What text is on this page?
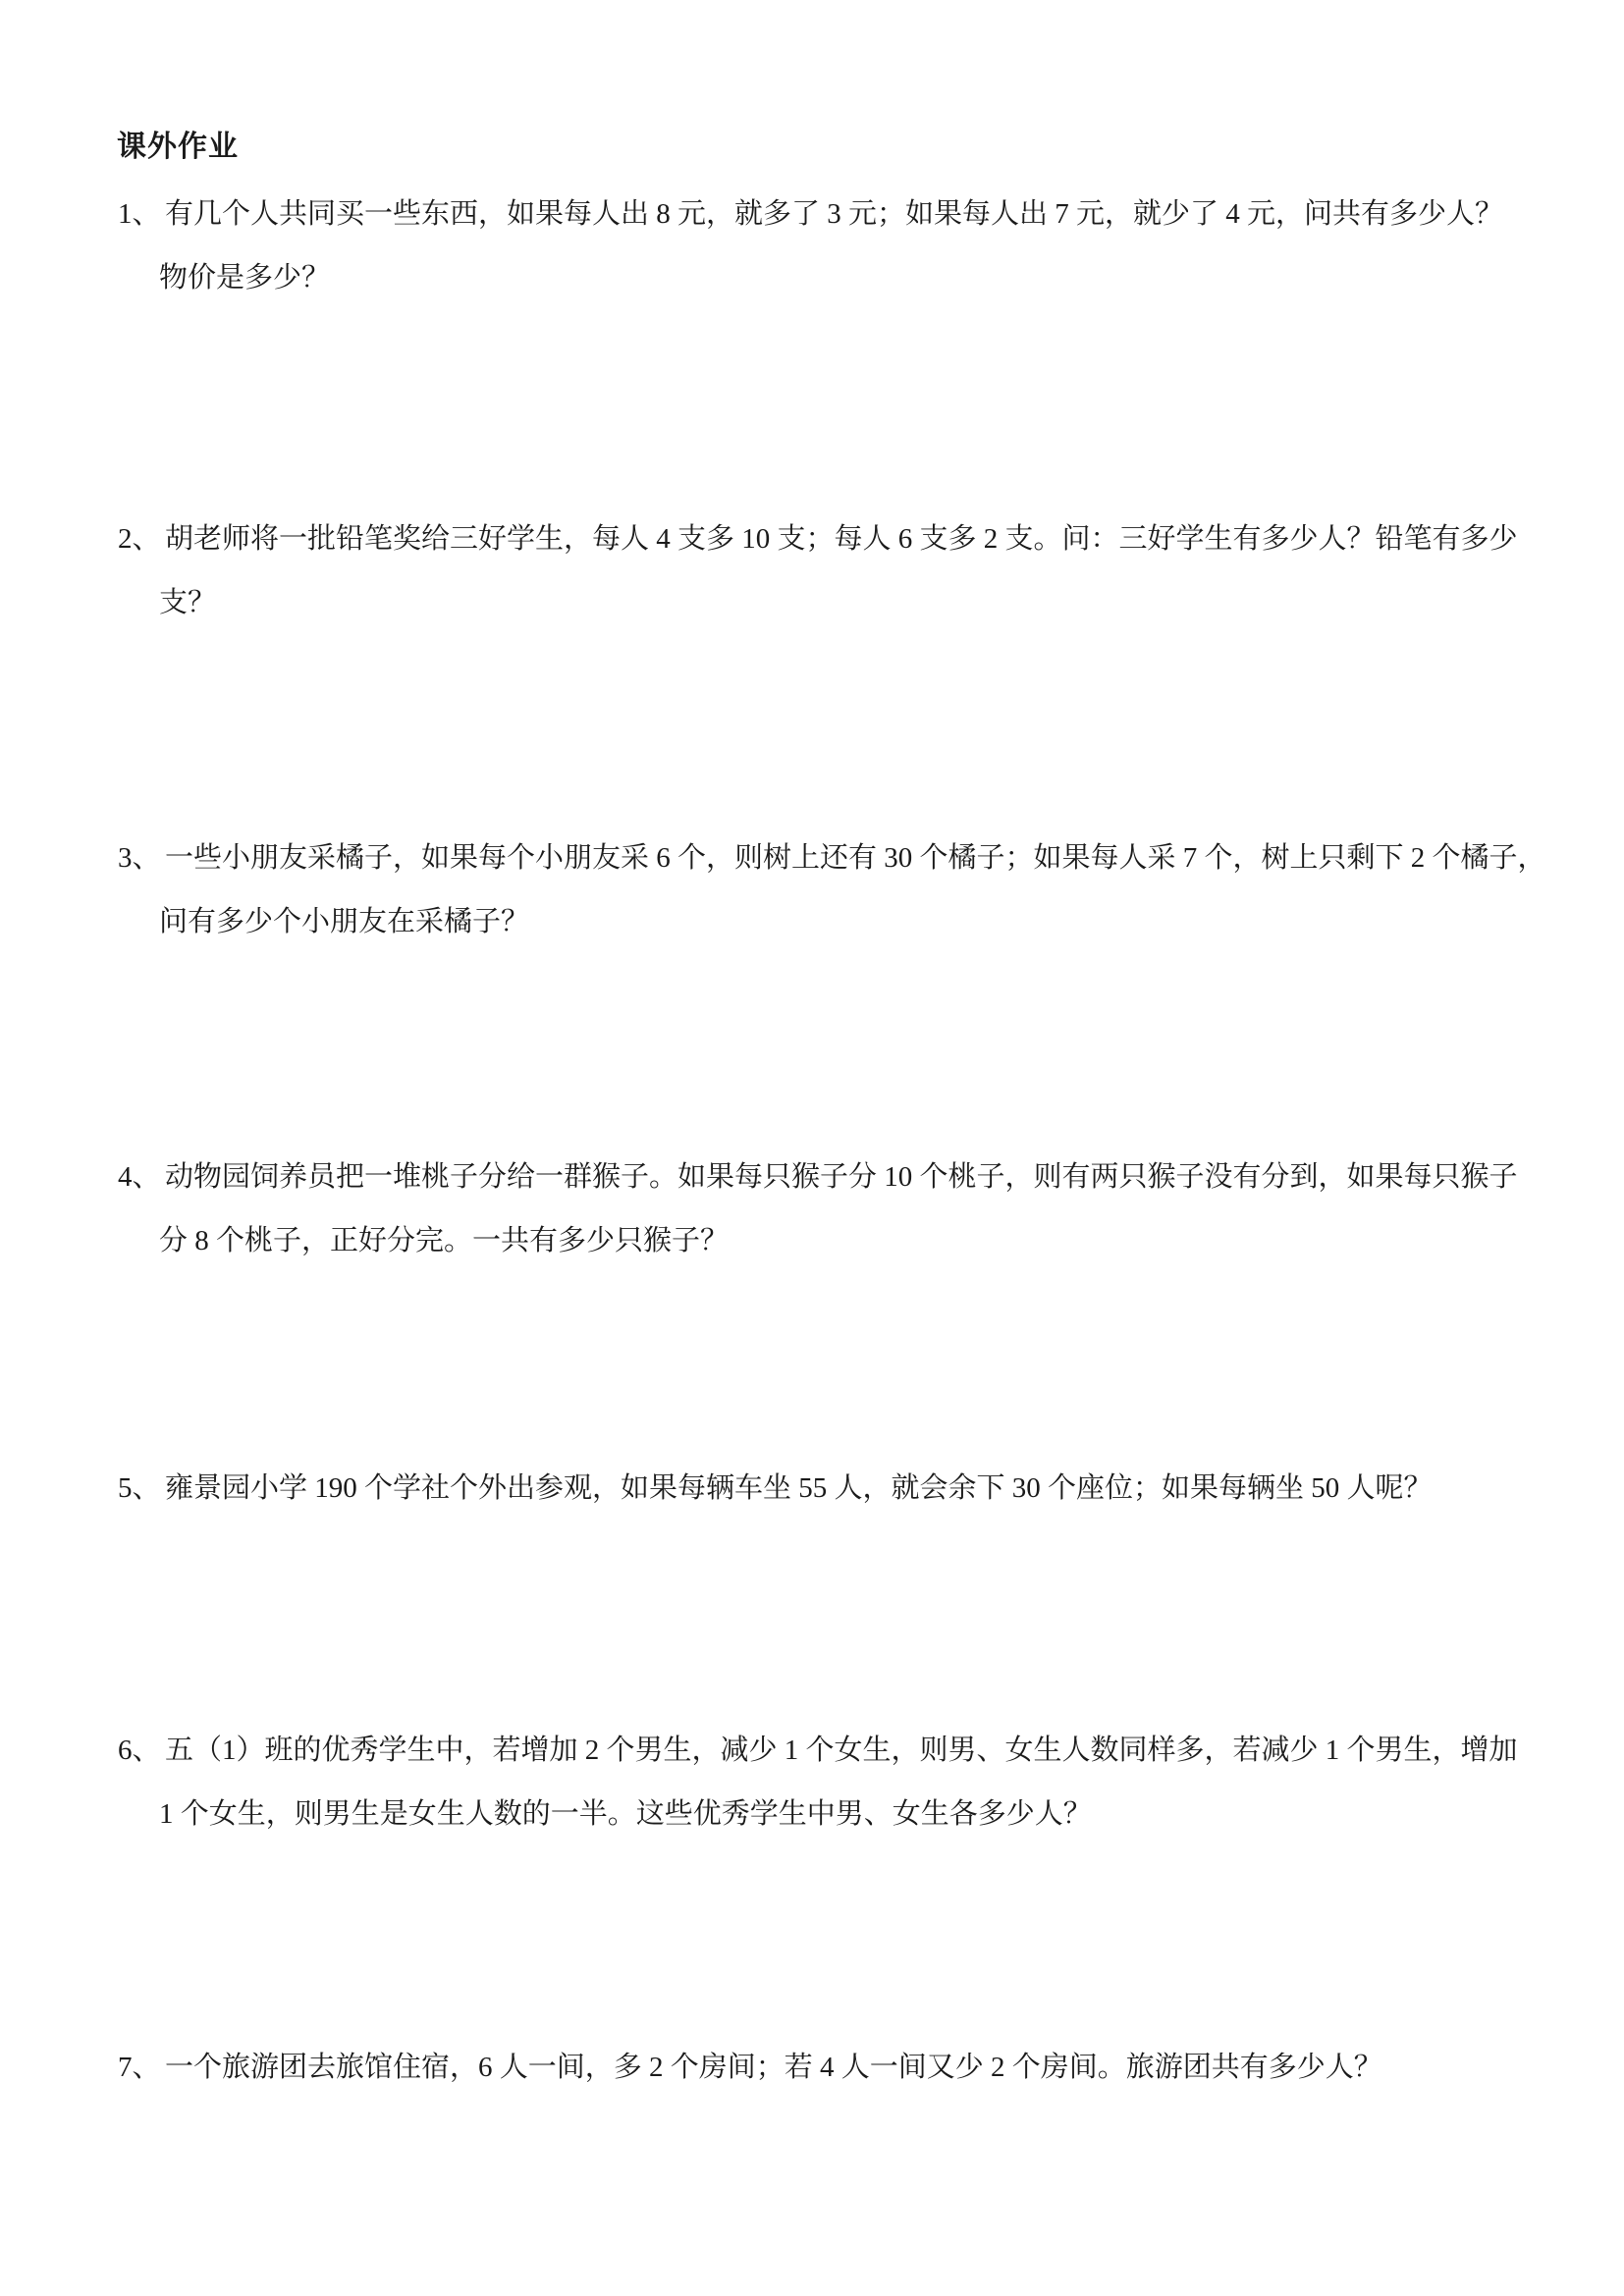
课外作业
1、 有几个人共同买一些东西，如果每人出 8 元，就多了 3 元；如果每人出 7 元，就少了 4 元，问共有多少人？
物价是多少？
2、 胡老师将一批铅笔奖给三好学生，每人 4 支多 10 支；每人 6 支多 2 支。问：三好学生有多少人？铅笔有多少
支？
3、 一些小朋友采橘子，如果每个小朋友采 6 个，则树上还有 30 个橘子；如果每人采 7 个，树上只剩下 2 个橘子，
问有多少个小朋友在采橘子？
4、 动物园饲养员把一堆桃子分给一群猴子。如果每只猴子分 10 个桃子，则有两只猴子没有分到，如果每只猴子
分 8 个桃子，正好分完。一共有多少只猴子？
5、 雍景园小学 190 个学社个外出参观，如果每辆车坐 55 人，就会余下 30 个座位；如果每辆坐 50 人呢？
6、 五（1）班的优秀学生中，若增加 2 个男生，减少 1 个女生，则男、女生人数同样多，若减少 1 个男生，增加
1 个女生，则男生是女生人数的一半。这些优秀学生中男、女生各多少人？
7、 一个旅游团去旅馆住宿，6 人一间，多 2 个房间；若 4 人一间又少 2 个房间。旅游团共有多少人？
